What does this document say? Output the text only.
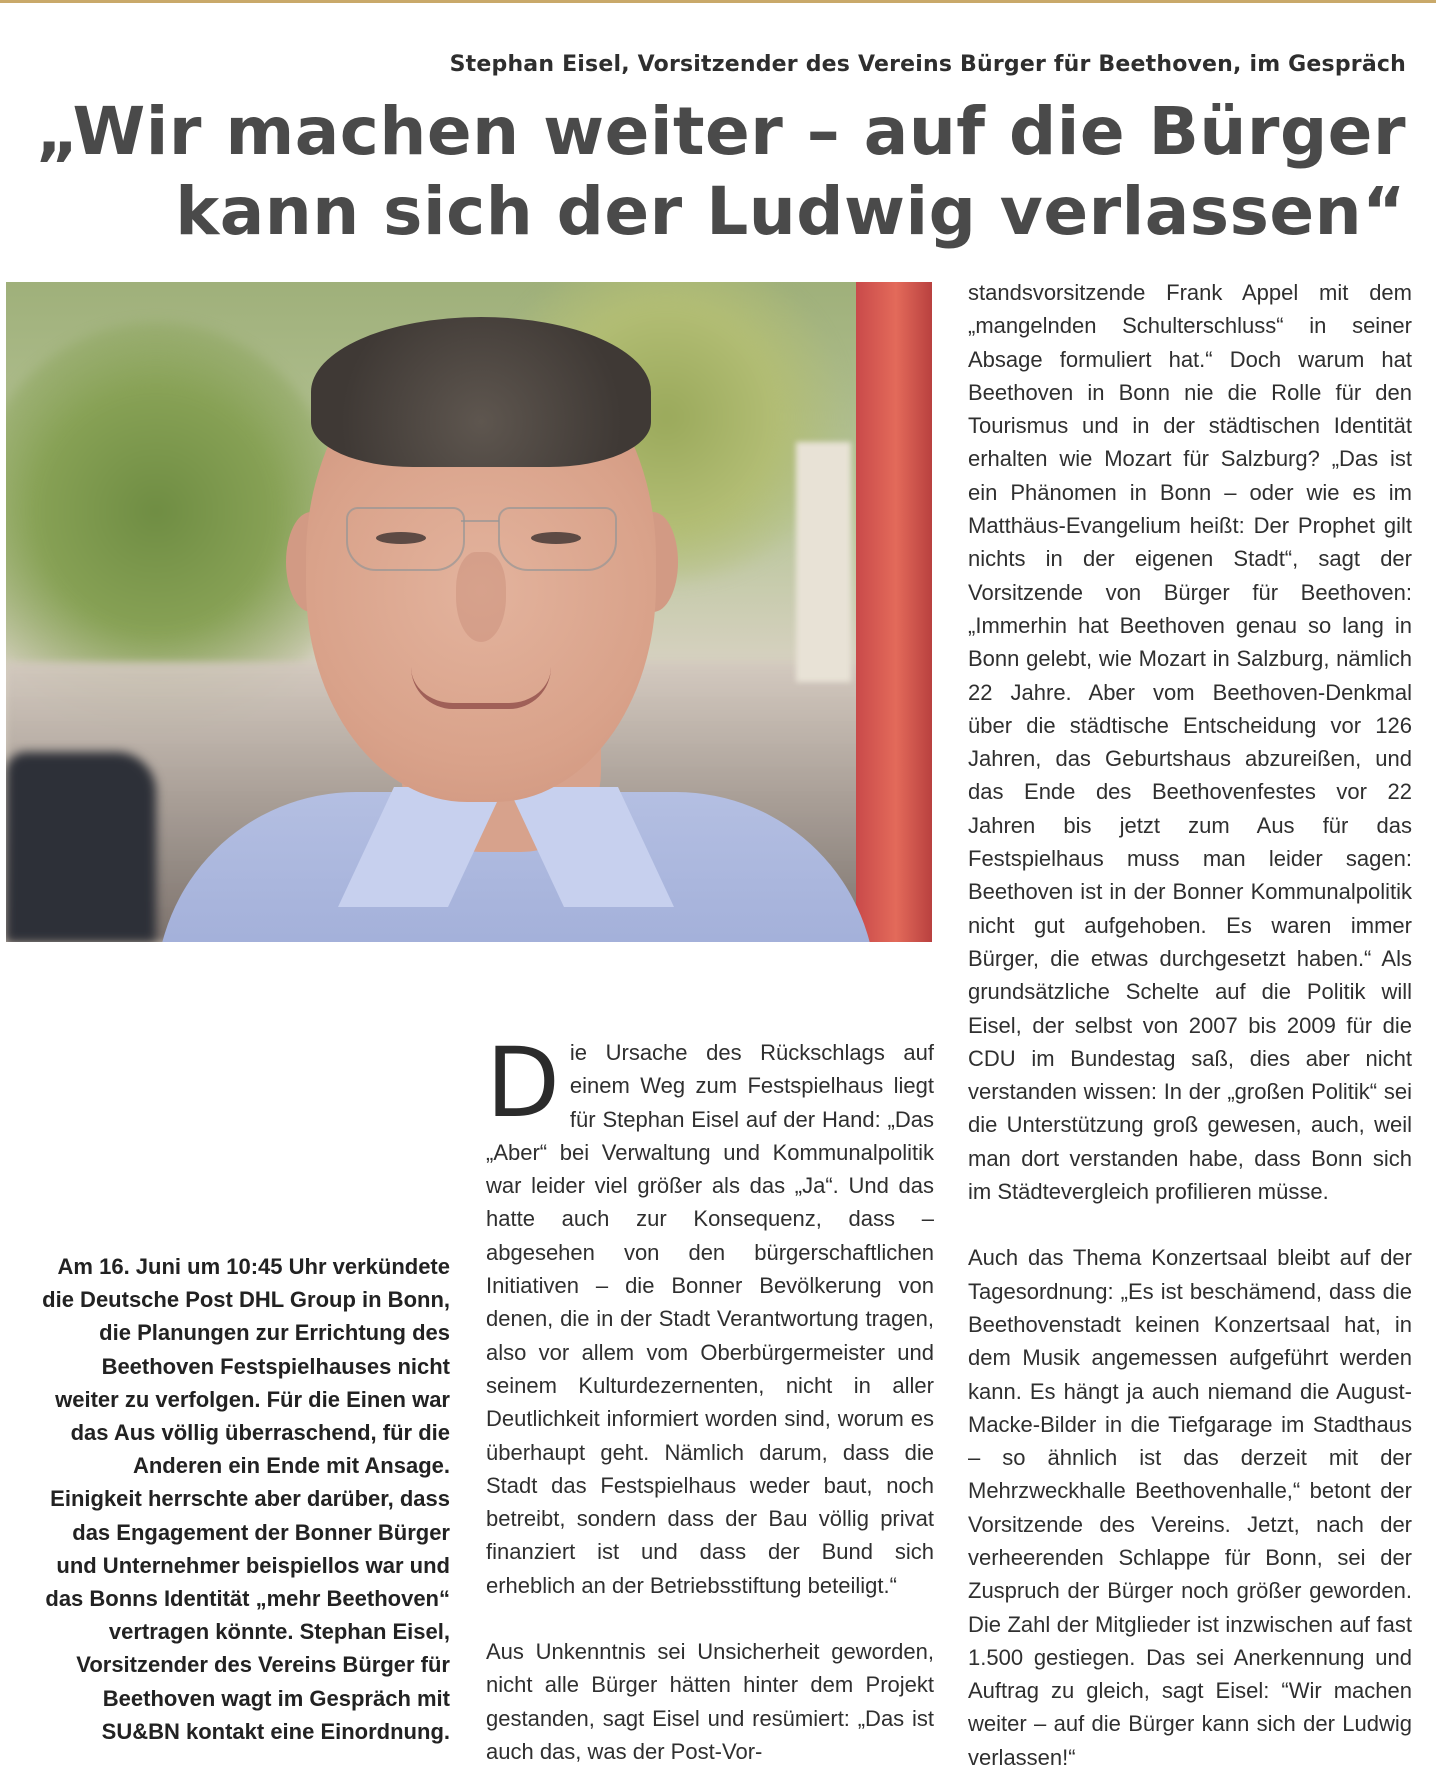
Stephan Eisel, Vorsitzender des Vereins Bürger für Beethoven, im Gespräch
„Wir machen weiter – auf die Bürger
kann sich der Ludwig verlassen“
Am 16. Juni um 10:45 Uhr verkündete die Deutsche Post DHL Group in Bonn, die Planungen zur Errichtung des Beethoven Festspielhauses nicht weiter zu verfolgen. Für die Einen war das Aus völlig überraschend, für die Anderen ein Ende mit Ansage. Einigkeit herrschte aber darüber, dass das Engagement der Bonner Bürger und Unternehmer beispiellos war und das Bonns Identität „mehr Beethoven“ vertragen könnte. Stephan Eisel, Vorsitzender des Vereins Bürger für Beethoven wagt im Gespräch mit SU&BN kontakt eine Einordnung.

Die Ursache des Rückschlags auf einem Weg zum Festspielhaus liegt für Stephan Eisel auf der Hand: „Das „Aber“ bei Verwaltung und Kommunalpolitik war leider viel größer als das „Ja“. Und das hatte auch zur Konsequenz, dass – abgesehen von den bürgerschaftlichen Initiativen – die Bonner Bevölkerung von denen, die in der Stadt Verantwortung tragen, also vor allem vom Oberbürgermeister und seinem Kulturdezernenten, nicht in aller Deutlichkeit informiert worden sind, worum es überhaupt geht. Nämlich darum, dass die Stadt das Festspielhaus weder baut, noch betreibt, sondern dass der Bau völlig privat finanziert ist und dass der Bund sich erheblich an der Betriebsstiftung beteiligt.“

Aus Unkenntnis sei Unsicherheit geworden, nicht alle Bürger hätten hinter dem Projekt gestanden, sagt Eisel und resümiert: „Das ist auch das, was der Post-Vor-

standsvorsitzende Frank Appel mit dem „mangelnden Schulterschluss“ in seiner Absage formuliert hat.“ Doch warum hat Beethoven in Bonn nie die Rolle für den Tourismus und in der städtischen Identität erhalten wie Mozart für Salzburg? „Das ist ein Phänomen in Bonn – oder wie es im Matthäus-Evangelium heißt: Der Prophet gilt nichts in der eigenen Stadt“, sagt der Vorsitzende von Bürger für Beethoven: „Immerhin hat Beethoven genau so lang in Bonn gelebt, wie Mozart in Salzburg, nämlich 22 Jahre. Aber vom Beethoven-Denkmal über die städtische Entscheidung vor 126 Jahren, das Geburtshaus abzureißen, und das Ende des Beethovenfestes vor 22 Jahren bis jetzt zum Aus für das Festspielhaus muss man leider sagen: Beethoven ist in der Bonner Kommunalpolitik nicht gut aufgehoben. Es waren immer Bürger, die etwas durchgesetzt haben.“ Als grundsätzliche Schelte auf die Politik will Eisel, der selbst von 2007 bis 2009 für die CDU im Bundestag saß, dies aber nicht verstanden wissen: In der „großen Politik“ sei die Unterstützung groß gewesen, auch, weil man dort verstanden habe, dass Bonn sich im Städtevergleich profilieren müsse.

Auch das Thema Konzertsaal bleibt auf der Tagesordnung: „Es ist beschämend, dass die Beethovenstadt keinen Konzertsaal hat, in dem Musik angemessen aufgeführt werden kann. Es hängt ja auch niemand die August-Macke-Bilder in die Tiefgarage im Stadthaus – so ähnlich ist das derzeit mit der Mehrzweckhalle Beethovenhalle,“ betont der Vorsitzende des Vereins. Jetzt, nach der verheerenden Schlappe für Bonn, sei der Zuspruch der Bürger noch größer geworden. Die Zahl der Mitglieder ist inzwischen auf fast 1.500 gestiegen. Das sei Anerkennung und Auftrag zu gleich, sagt Eisel: “Wir machen weiter – auf die Bürger kann sich der Ludwig verlassen!“
